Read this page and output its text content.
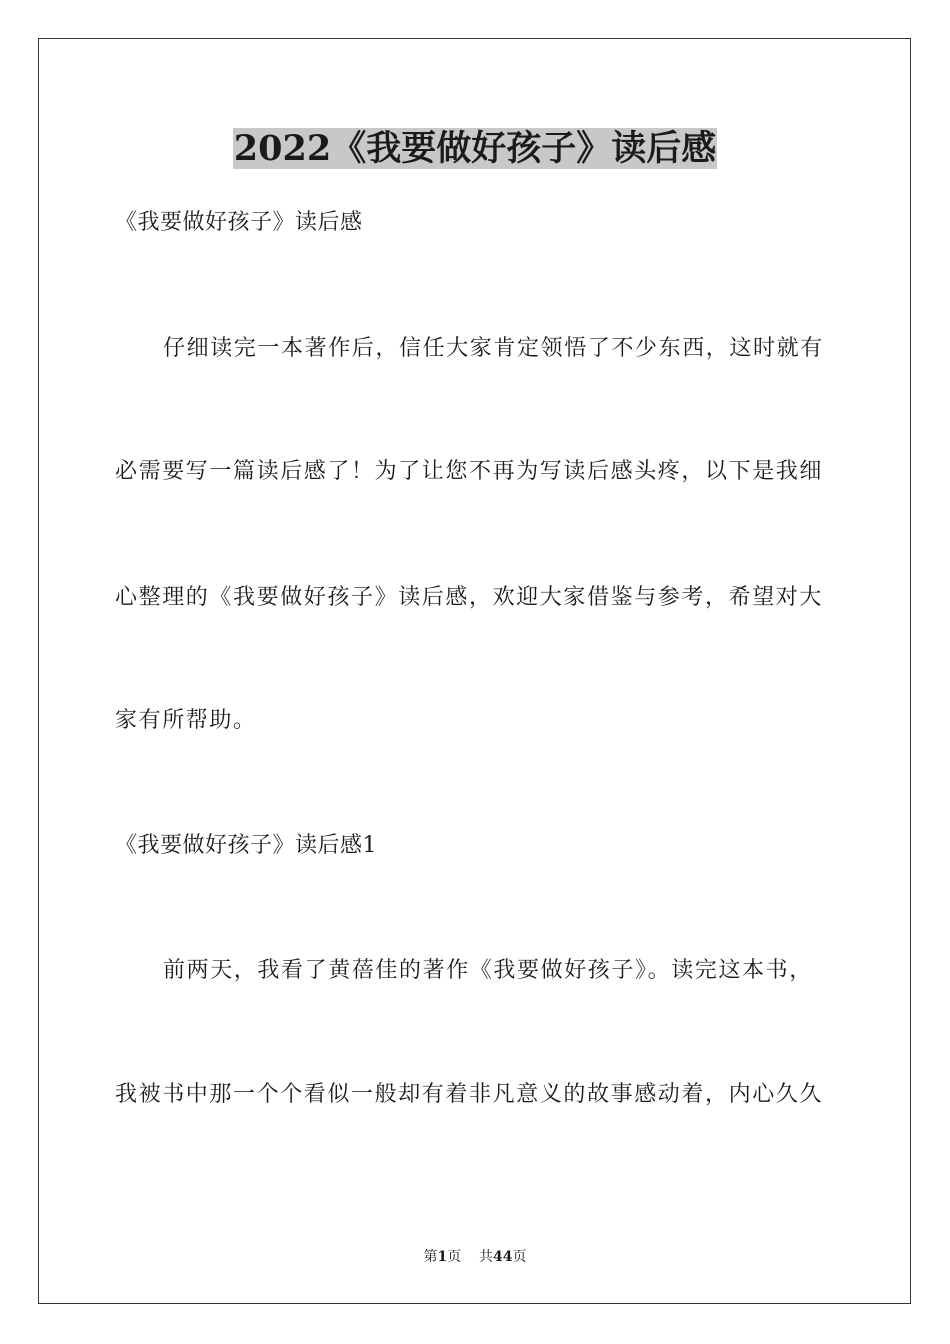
2022《我要做好孩子》读后感
《我要做好孩子》读后感
仔细读完一本著作后，信任大家肯定领悟了不少东西，这时就有
必需要写一篇读后感了！为了让您不再为写读后感头疼，以下是我细
心整理的《我要做好孩子》读后感，欢迎大家借鉴与参考，希望对大
家有所帮助。
《我要做好孩子》读后感1
前两天，我看了黄蓓佳的著作《我要做好孩子》。读完这本书，
我被书中那一个个看似一般却有着非凡意义的故事感动着，内心久久
第1页 共44页
